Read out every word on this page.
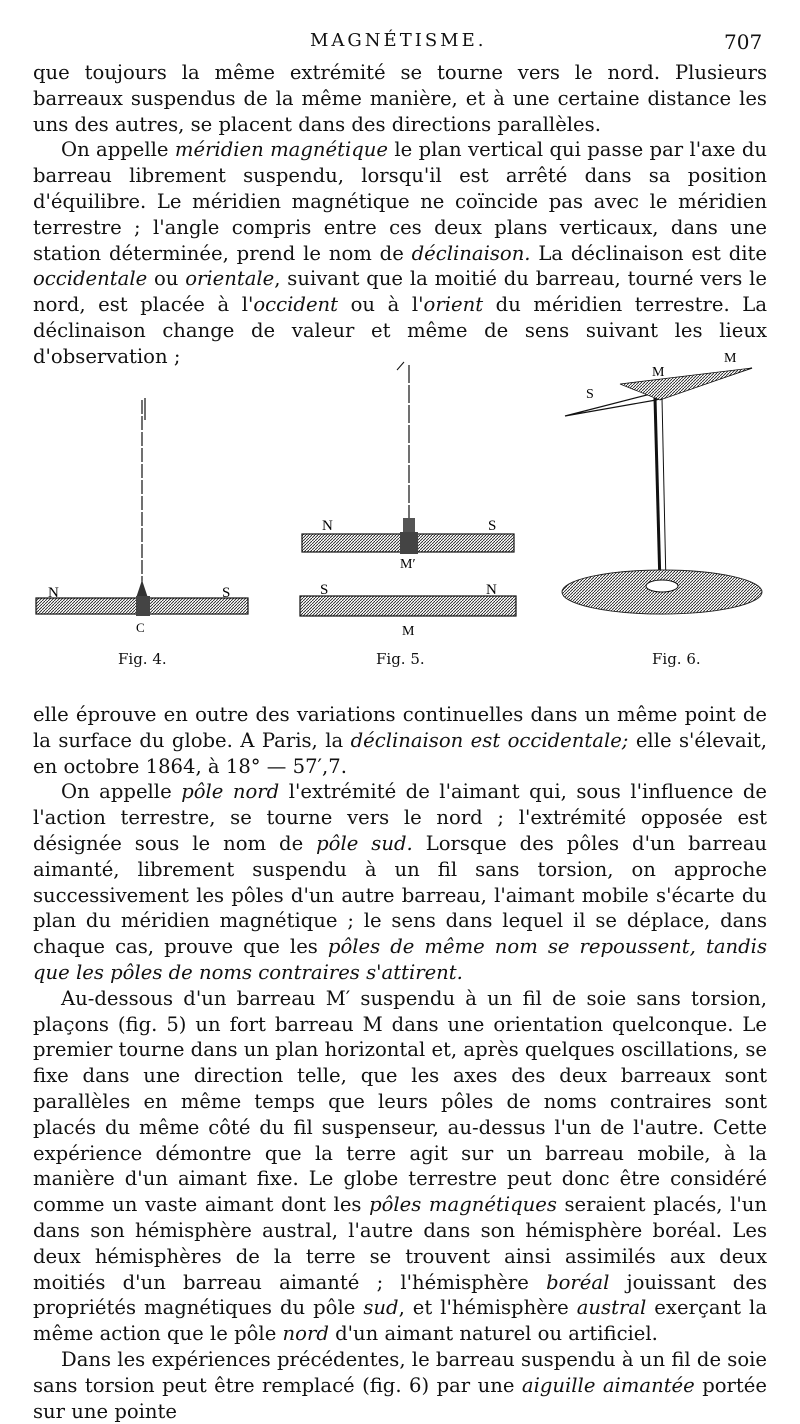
MAGNÉTISME.	707

que toujours la même extrémité se tourne vers le nord. Plusieurs barreaux suspendus de la même manière, et à une certaine distance les uns des autres, se placent dans des directions parallèles.

On appelle méridien magnétique le plan vertical qui passe par l'axe du barreau librement suspendu, lorsqu'il est arrêté dans sa position d'équilibre. Le méridien magnétique ne coïncide pas avec le méridien terrestre ; l'angle compris entre ces deux plans verticaux, dans une station déterminée, prend le nom de déclinaison. La déclinaison est dite occidentale ou orientale, suivant que la moitié du barreau, tourné vers le nord, est placée à l'occident ou à l'orient du méridien terrestre. La déclinaison change de valeur et même de sens suivant les lieux d'observation ;

N	S
C
N	S
M′
S	N
M
S
M
M
Fig. 4.	Fig. 5.	Fig. 6.

elle éprouve en outre des variations continuelles dans un même point de la surface du globe. A Paris, la déclinaison est occidentale; elle s'élevait, en octobre 1864, à 18° — 57′,7.

On appelle pôle nord l'extrémité de l'aimant qui, sous l'influence de l'action terrestre, se tourne vers le nord ; l'extrémité opposée est désignée sous le nom de pôle sud. Lorsque des pôles d'un barreau aimanté, librement suspendu à un fil sans torsion, on approche successivement les pôles d'un autre barreau, l'aimant mobile s'écarte du plan du méridien magnétique ; le sens dans lequel il se déplace, dans chaque cas, prouve que les pôles de même nom se repoussent, tandis que les pôles de noms contraires s'attirent.

Au-dessous d'un barreau M′ suspendu à un fil de soie sans torsion, plaçons (fig. 5) un fort barreau M dans une orientation quelconque. Le premier tourne dans un plan horizontal et, après quelques oscillations, se fixe dans une direction telle, que les axes des deux barreaux sont parallèles en même temps que leurs pôles de noms contraires sont placés du même côté du fil suspenseur, au-dessus l'un de l'autre. Cette expérience démontre que la terre agit sur un barreau mobile, à la manière d'un aimant fixe. Le globe terrestre peut donc être considéré comme un vaste aimant dont les pôles magnétiques seraient placés, l'un dans son hémisphère austral, l'autre dans son hémisphère boréal. Les deux hémisphères de la terre se trouvent ainsi assimilés aux deux moitiés d'un barreau aimanté ; l'hémisphère boréal jouissant des propriétés magnétiques du pôle sud, et l'hémisphère austral exerçant la même action que le pôle nord d'un aimant naturel ou artificiel.

Dans les expériences précédentes, le barreau suspendu à un fil de soie sans torsion peut être remplacé (fig. 6) par une aiguille aimantée portée sur une pointe
